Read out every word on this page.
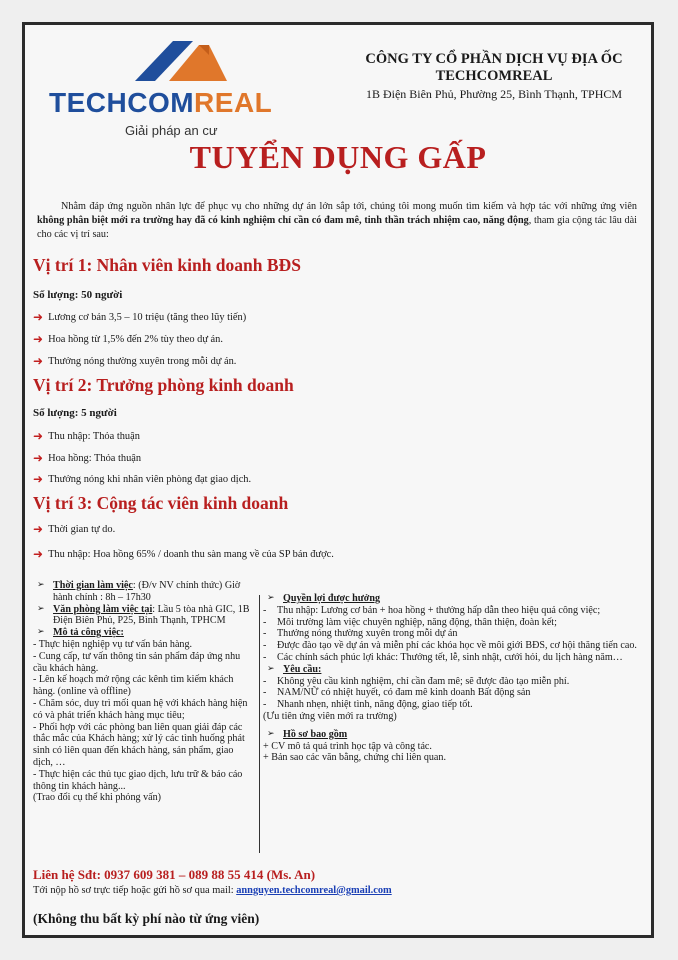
TECHCOMREAL
Giải pháp an cư
CÔNG TY CỔ PHẦN DỊCH VỤ ĐỊA ỐC
TECHCOMREAL
1B Điện Biên Phủ, Phường 25, Bình Thạnh, TPHCM
TUYỂN DỤNG GẤP
Nhằm đáp ứng nguồn nhân lực để phục vụ cho những dự án lớn sắp tới, chúng tôi mong muốn tìm kiếm và hợp tác với những ứng viên không phân biệt mới ra trường hay đã có kinh nghiệm chỉ cần có đam mê, tinh thần trách nhiệm cao, năng động, tham gia cộng tác lâu dài cho các vị trí sau:
Vị trí 1: Nhân viên kinh doanh BĐS
Số lượng: 50 người
➜ Lương cơ bản 3,5 – 10 triệu (tăng theo lũy tiến)
➜ Hoa hồng từ 1,5% đến 2% tùy theo dự án.
➜ Thưởng nóng thường xuyên trong mỗi dự án.
Vị trí 2: Trưởng phòng kinh doanh
Số lượng: 5 người
➜ Thu nhập: Thỏa thuận
➜ Hoa hồng: Thỏa thuận
➜ Thưởng nóng khi nhân viên phòng đạt giao dịch.
Vị trí 3: Cộng tác viên kinh doanh
➜ Thời gian tự do.
➜ Thu nhập: Hoa hồng 65% / doanh thu sàn mang về của SP bán được.
➢ Thời gian làm việc: (Đ/v NV chính thức) Giờ hành chính : 8h – 17h30
➢ Văn phòng làm việc tại: Lầu 5 tòa nhà GIC, 1B Điện Biên Phủ, P25, Bình Thạnh, TPHCM
➢ Mô tả công việc:
- Thực hiện nghiệp vụ tư vấn bán hàng.
- Cung cấp, tư vấn thông tin sản phẩm đáp ứng nhu cầu khách hàng.
- Lên kế hoạch mở rộng các kênh tìm kiếm khách hàng. (online và offline)
- Chăm sóc, duy trì mối quan hệ với khách hàng hiện có và phát triển khách hàng mục tiêu;
- Phối hợp với các phòng ban liên quan giải đáp các thắc mắc của Khách hàng; xử lý các tình huống phát sinh có liên quan đến khách hàng, sản phẩm, giao dịch, …
- Thực hiện các thủ tục giao dịch, lưu trữ & báo cáo thông tin khách hàng...
(Trao đổi cụ thể khi phỏng vấn)
➢ Quyền lợi được hưởng
-	Thu nhập: Lương cơ bản + hoa hồng + thưởng hấp dẫn theo hiệu quả công việc;
-	Môi trường làm việc chuyên nghiệp, năng động, thân thiện, đoàn kết;
-	Thưởng nóng thường xuyên trong mỗi dự án
-	Được đào tạo về dự án và miễn phí các khóa học về môi giới BĐS, cơ hội thăng tiến cao.
-	Các chính sách phúc lợi khác: Thưởng tết, lễ, sinh nhật, cưới hỏi, du lịch hàng năm…
➢ Yêu cầu:
-	Không yêu cầu kinh nghiệm, chỉ cần đam mê; sẽ được đào tạo miễn phí.
-	NAM/NỮ có nhiệt huyết, có đam mê kinh doanh Bất động sản
-	Nhanh nhẹn, nhiệt tình, năng động, giao tiếp tốt.
(Ưu tiên ứng viên mới ra trường)
➢ Hồ sơ bao gồm
+ CV mô tả quá trình học tập và công tác.
+ Bản sao các văn bằng, chứng chỉ liên quan.
Liên hệ Sđt: 0937 609 381 – 089 88 55 414 (Ms. An)
Tới nộp hồ sơ trực tiếp hoặc gửi hồ sơ qua mail: annguyen.techcomreal@gmail.com
(Không thu bất kỳ phí nào từ ứng viên)
